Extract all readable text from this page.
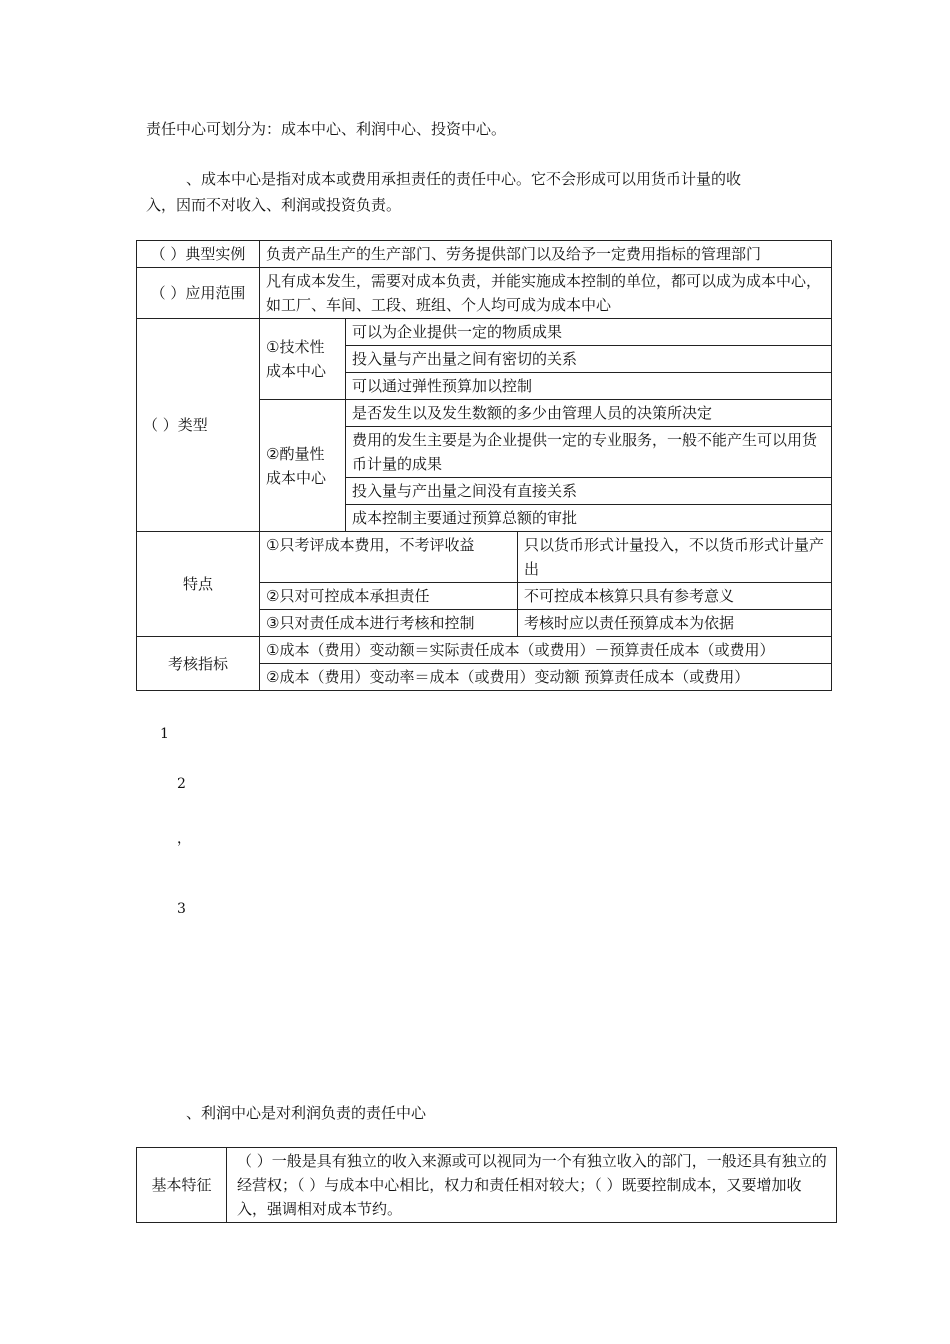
责任中心可划分为：成本中心、利润中心、投资中心。
、成本中心是指对成本或费用承担责任的责任中心。它不会形成可以用货币计量的收
入，因而不对收入、利润或投资负责。
（ ）典型实例	负责产品生产的生产部门、劳务提供部门以及给予一定费用指标的管理部门		
（ ）应用范围	凡有成本发生，需要对成本负责，并能实施成本控制的单位，都可以成为成本中心，如工厂、车间、工段、班组、个人均可成为成本中心		
（ ）类型	①技术性成本中心	可以为企业提供一定的物质成果	
		投入量与产出量之间有密切的关系	
		可以通过弹性预算加以控制	
	②酌量性成本中心	是否发生以及发生数额的多少由管理人员的决策所决定	
		费用的发生主要是为企业提供一定的专业服务，一般不能产生可以用货币计量的成果	
		投入量与产出量之间没有直接关系	
		成本控制主要通过预算总额的审批	
特点	①只考评成本费用，不考评收益		只以货币形式计量投入，不以货币形式计量产出
	②只对可控成本承担责任		不可控成本核算只具有参考意义
	③只对责任成本进行考核和控制		考核时应以责任预算成本为依据
考核指标	①成本（费用）变动额＝实际责任成本（或费用）－预算责任成本（或费用）		
	②成本（费用）变动率＝成本（或费用）变动额 预算责任成本（或费用）		
1
2
，
3
、利润中心是对利润负责的责任中心
基本特征	（ ）一般是具有独立的收入来源或可以视同为一个有独立收入的部门，一般还具有独立的经营权；（ ）与成本中心相比，权力和责任相对较大；（ ）既要控制成本，又要增加收入，强调相对成本节约。
